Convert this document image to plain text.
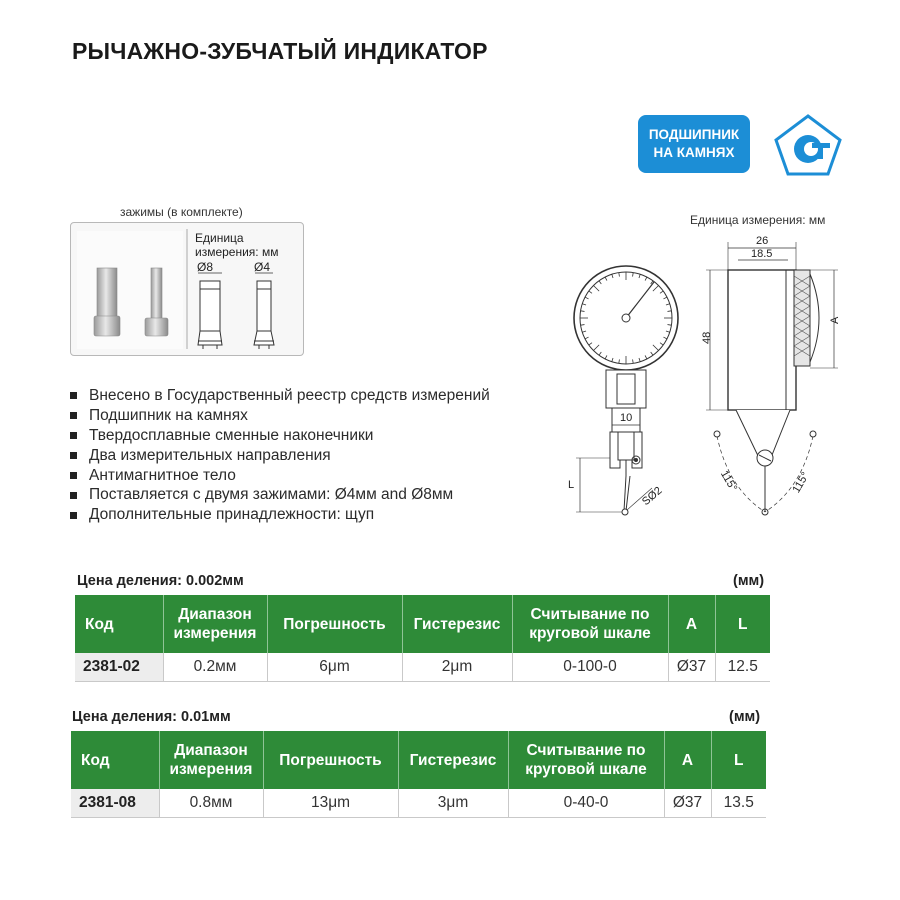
РЫЧАЖНО-ЗУБЧАТЫЙ ИНДИКАТОР
ПОДШИПНИК
НА КАМНЯХ
зажимы (в комплекте)
Единица
измерения: мм
Ø8	Ø4
Единица измерения: мм
10
L	SØ2
26
18.5
48
A
115°	115°
Внесено в Государственный реестр средств измерений
Подшипник на камнях
Твердосплавные сменные наконечники
Два измерительных направления
Антимагнитное тело
Поставляется с двумя зажимами: Ø4мм and Ø8мм
Дополнительные принадлежности: щуп
Цена деления: 0.002мм	(мм)
Код	Диапазон измерения	Погрешность	Гистерезис	Считывание по круговой шкале	A	L
2381-02	0.2мм	6μm	2μm	0-100-0	Ø37	12.5
Цена деления: 0.01мм	(мм)
Код	Диапазон измерения	Погрешность	Гистерезис	Считывание по круговой шкале	A	L
2381-08	0.8мм	13μm	3μm	0-40-0	Ø37	13.5
